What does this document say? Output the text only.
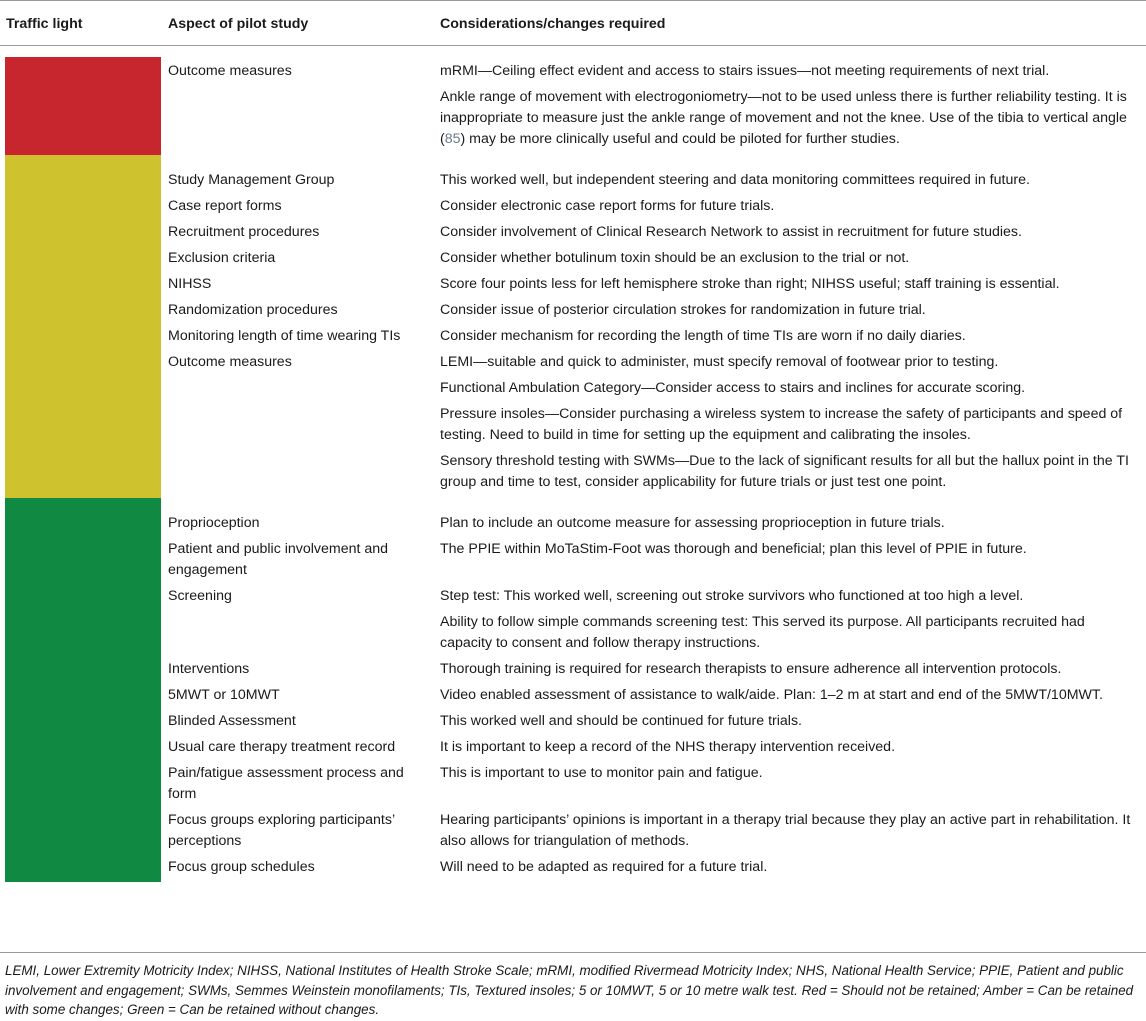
Traffic light	Aspect of pilot study	Considerations/changes required

	Outcome measures	mRMI—Ceiling effect evident and access to stairs issues—not meeting requirements of next trial.
Ankle range of movement with electrogoniometry—not to be used unless there is further reliability testing. It is inappropriate to measure just the ankle range of movement and not the knee. Use of the tibia to vertical angle (85) may be more clinically useful and could be piloted for further studies.

	Study Management Group	This worked well, but independent steering and data monitoring committees required in future.

	Case report forms	Consider electronic case report forms for future trials.

	Recruitment procedures	Consider involvement of Clinical Research Network to assist in recruitment for future studies.

	Exclusion criteria	Consider whether botulinum toxin should be an exclusion to the trial or not.

	NIHSS	Score four points less for left hemisphere stroke than right; NIHSS useful; staff training is essential.

	Randomization procedures	Consider issue of posterior circulation strokes for randomization in future trial.

	Monitoring length of time wearing TIs	Consider mechanism for recording the length of time TIs are worn if no daily diaries.

	Outcome measures	LEMI—suitable and quick to administer, must specify removal of footwear prior to testing.
Functional Ambulation Category—Consider access to stairs and inclines for accurate scoring.
Pressure insoles—Consider purchasing a wireless system to increase the safety of participants and speed of testing. Need to build in time for setting up the equipment and calibrating the insoles.
Sensory threshold testing with SWMs—Due to the lack of significant results for all but the hallux point in the TI group and time to test, consider applicability for future trials or just test one point.

	Proprioception	Plan to include an outcome measure for assessing proprioception in future trials.

	Patient and public involvement and engagement	The PPIE within MoTaStim-Foot was thorough and beneficial; plan this level of PPIE in future.

	Screening	Step test: This worked well, screening out stroke survivors who functioned at too high a level.
Ability to follow simple commands screening test: This served its purpose. All participants recruited had capacity to consent and follow therapy instructions.

	Interventions	Thorough training is required for research therapists to ensure adherence all intervention protocols.

	5MWT or 10MWT	Video enabled assessment of assistance to walk/aide. Plan: 1–2 m at start and end of the 5MWT/10MWT.

	Blinded Assessment	This worked well and should be continued for future trials.

	Usual care therapy treatment record	It is important to keep a record of the NHS therapy intervention received.

	Pain/fatigue assessment process and form	This is important to use to monitor pain and fatigue.

	Focus groups exploring participants’ perceptions	Hearing participants’ opinions is important in a therapy trial because they play an active part in rehabilitation. It also allows for triangulation of methods.

	Focus group schedules	Will need to be adapted as required for a future trial.
LEMI, Lower Extremity Motricity Index; NIHSS, National Institutes of Health Stroke Scale; mRMI, modified Rivermead Motricity Index; NHS, National Health Service; PPIE, Patient and public involvement and engagement; SWMs, Semmes Weinstein monofilaments; TIs, Textured insoles; 5 or 10MWT, 5 or 10 metre walk test. Red = Should not be retained; Amber = Can be retained with some changes; Green = Can be retained without changes.
